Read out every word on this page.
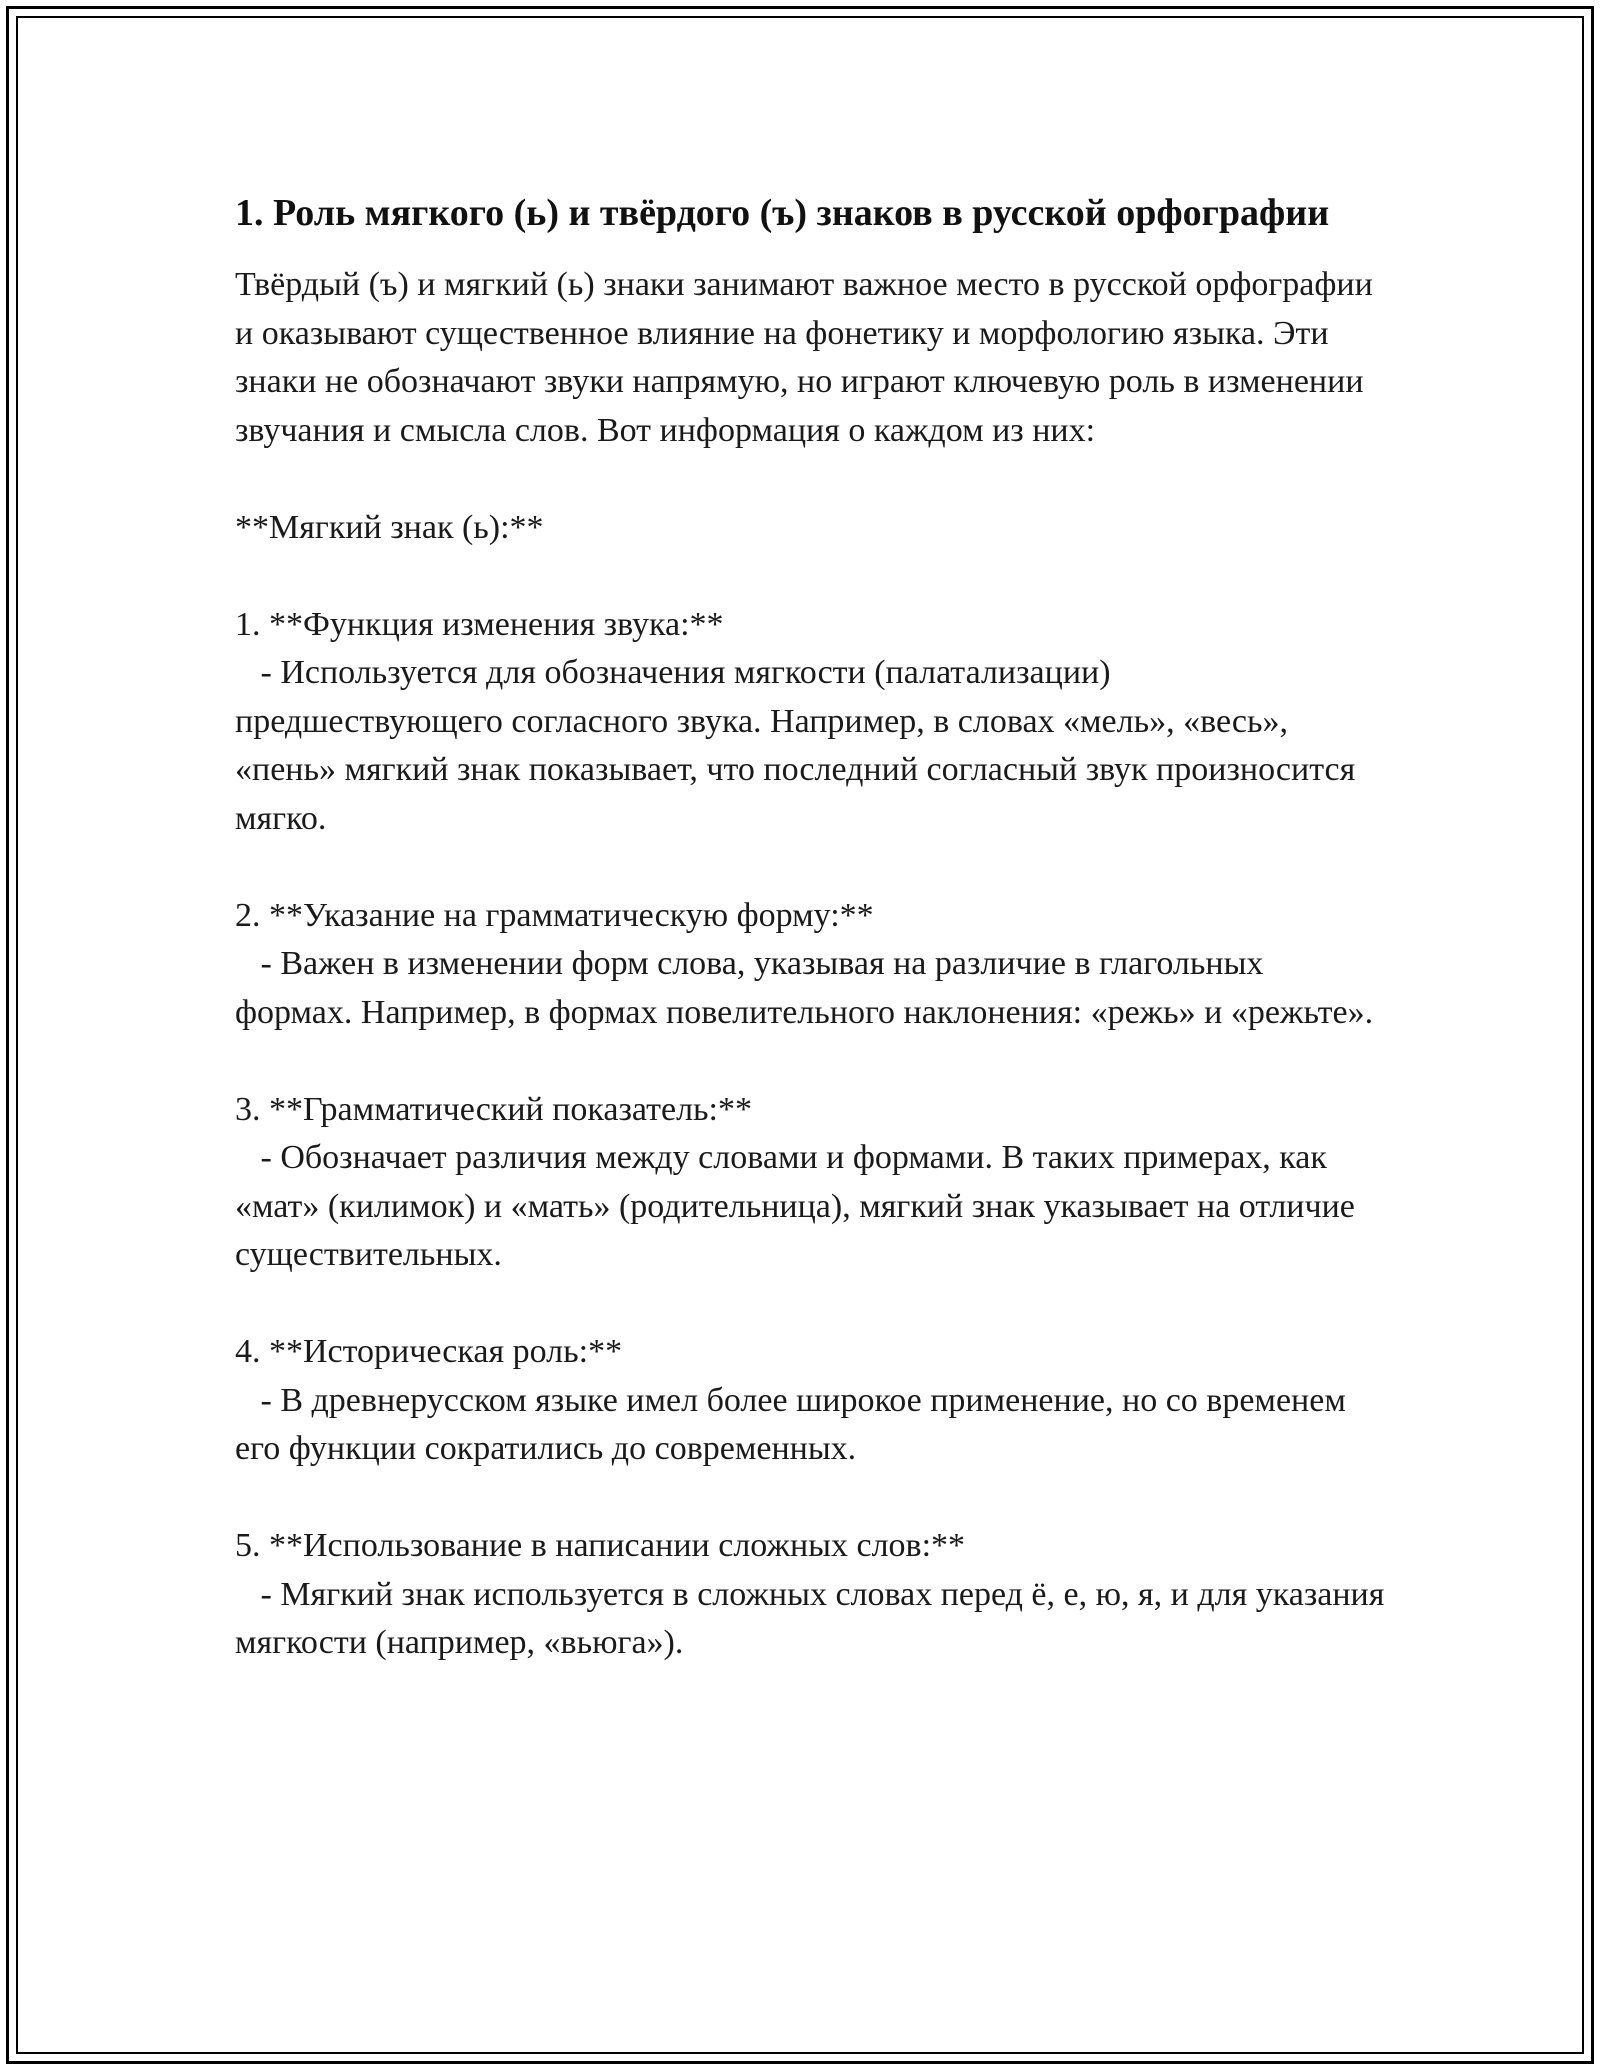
1. Роль мягкого (ь) и твёрдого (ъ) знаков в русской орфографии

Твёрдый (ъ) и мягкий (ь) знаки занимают важное место в русской орфографии и оказывают существенное влияние на фонетику и морфологию языка. Эти знаки не обозначают звуки напрямую, но играют ключевую роль в изменении звучания и смысла слов. Вот информация о каждом из них:

**Мягкий знак (ь):**

1. **Функция изменения звука:**

- Используется для обозначения мягкости (палатализации) предшествующего согласного звука. Например, в словах «мель», «весь», «пень» мягкий знак показывает, что последний согласный звук произносится мягко.

2. **Указание на грамматическую форму:**

- Важен в изменении форм слова, указывая на различие в глагольных формах. Например, в формах повелительного наклонения: «режь» и «режьте».

3. **Грамматический показатель:**

- Обозначает различия между словами и формами. В таких примерах, как «мат» (килимок) и «мать» (родительница), мягкий знак указывает на отличие существительных.

4. **Историческая роль:**

- В древнерусском языке имел более широкое применение, но со временем его функции сократились до современных.

5. **Использование в написании сложных слов:**

- Мягкий знак используется в сложных словах перед ё, е, ю, я, и для указания мягкости (например, «вьюга»).
